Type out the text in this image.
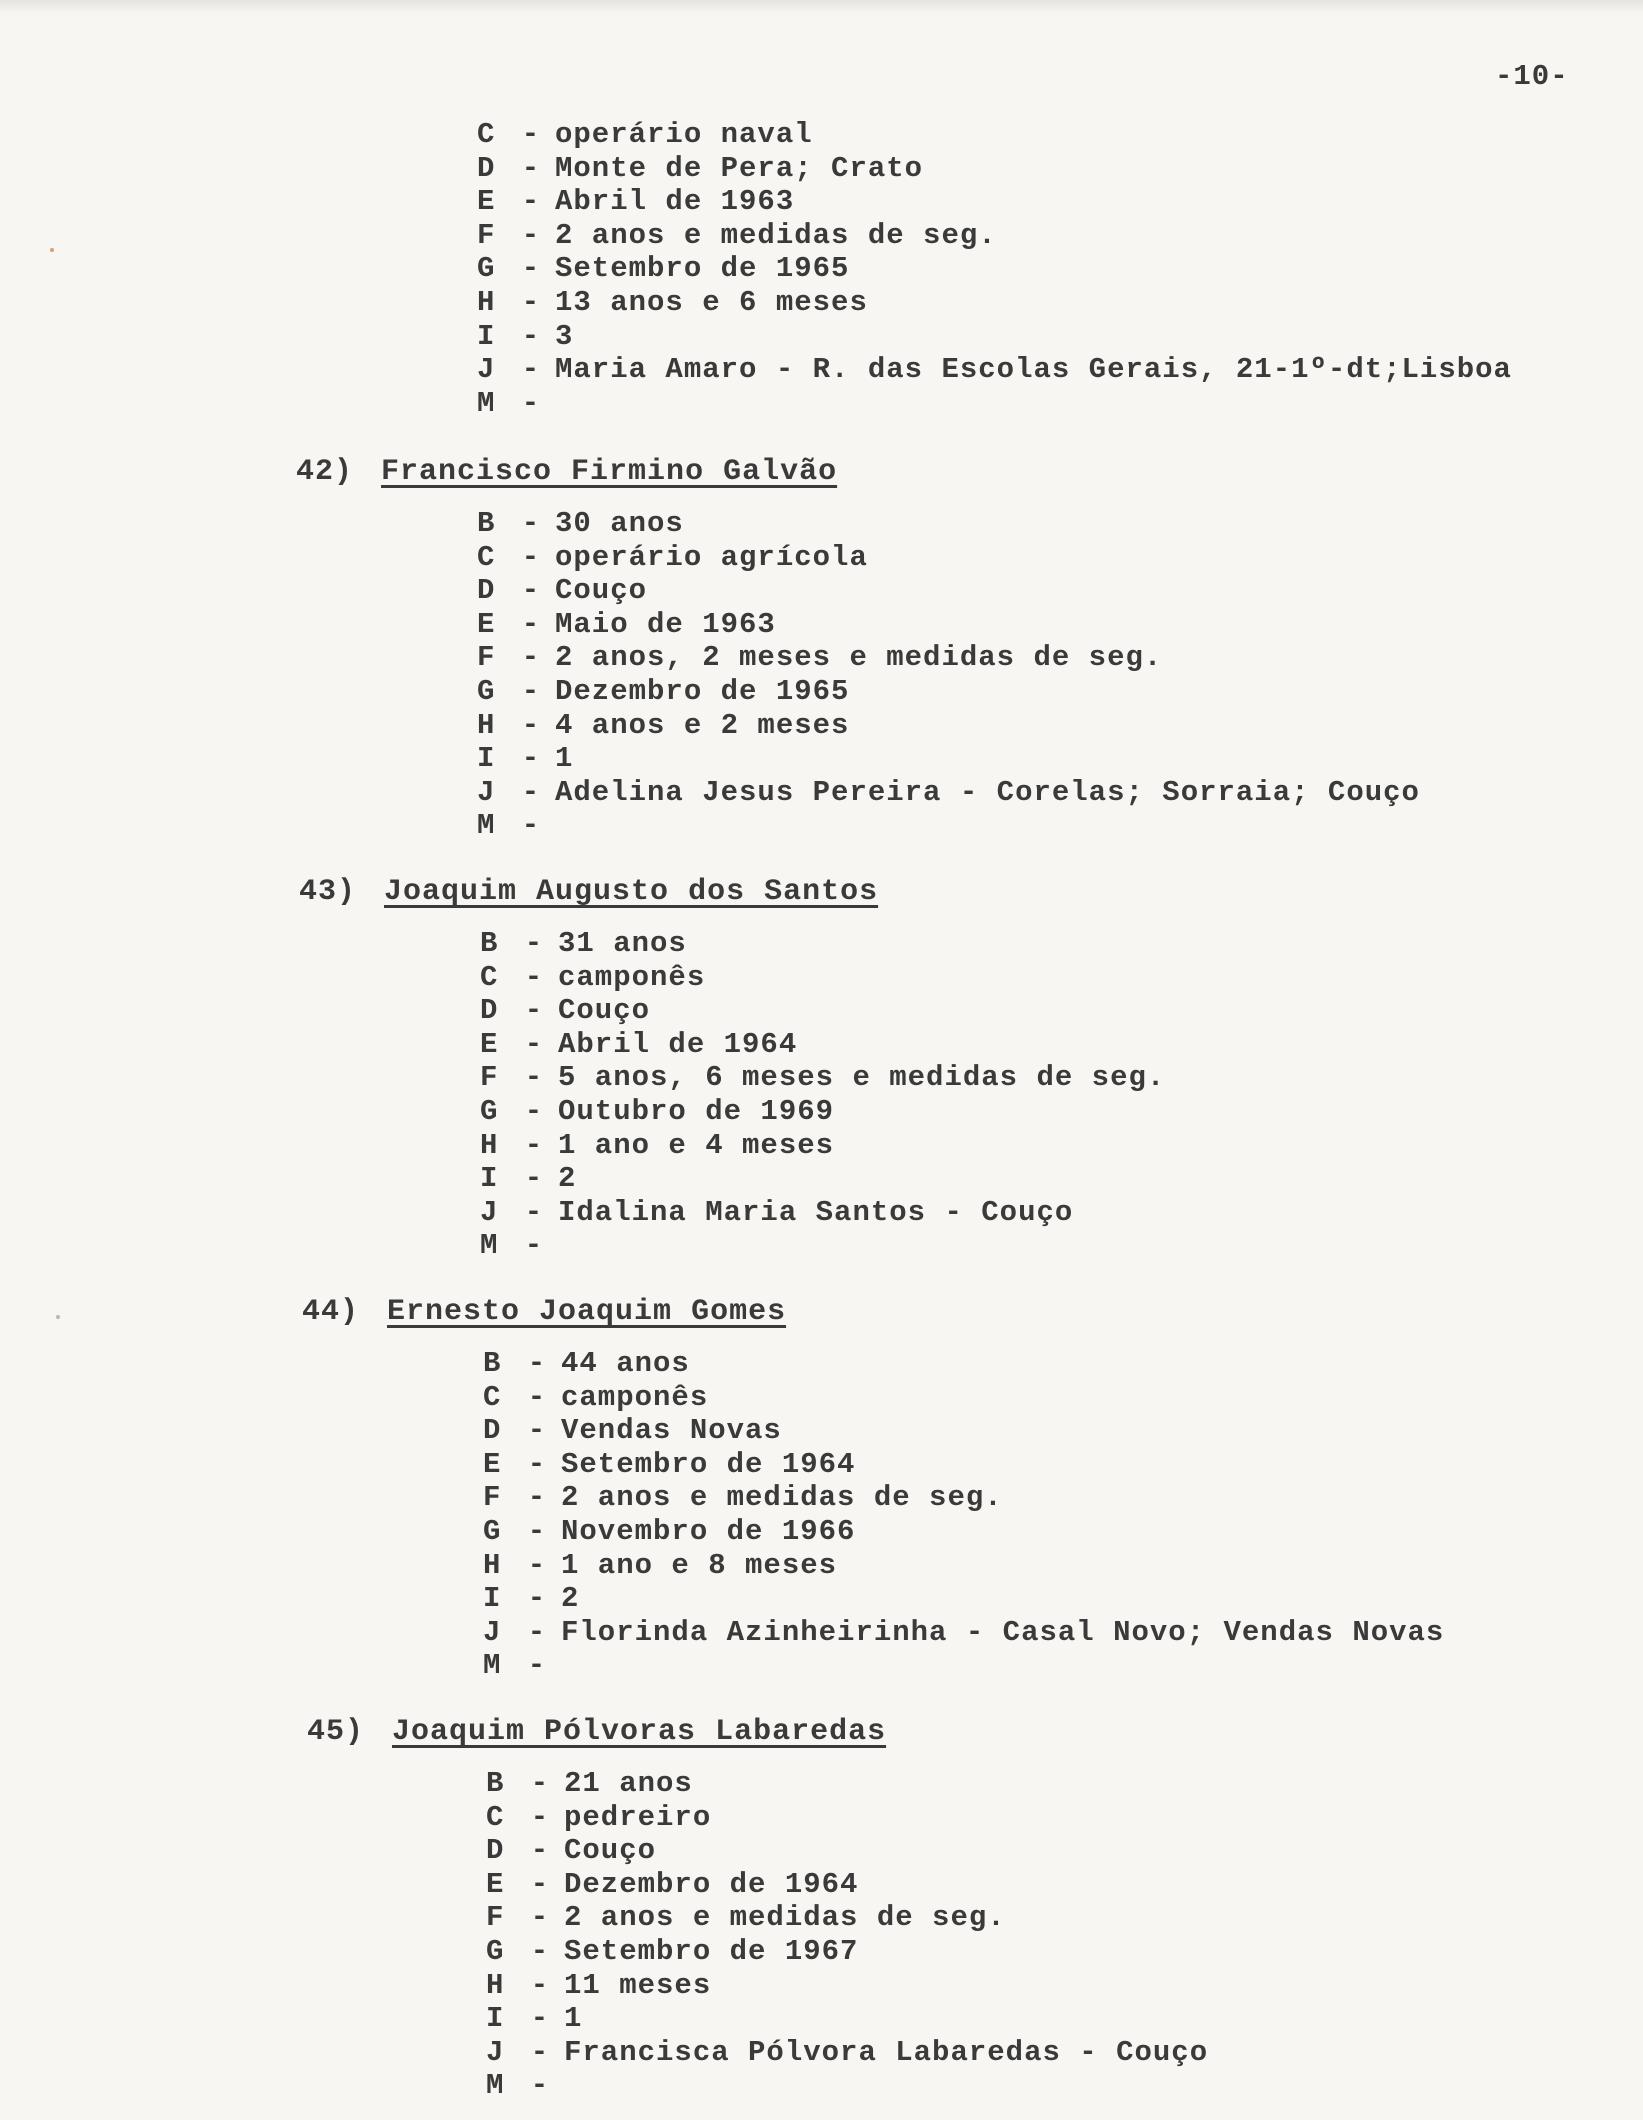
-10-
C - operário naval
D - Monte de Pera; Crato
E - Abril de 1963
F - 2 anos e medidas de seg.
G - Setembro de 1965
H - 13 anos e 6 meses
I - 3
J - Maria Amaro - R. das Escolas Gerais, 21-1º-dt;Lisboa
M -
42) Francisco Firmino Galvão
B - 30 anos
C - operário agrícola
D - Couço
E - Maio de 1963
F - 2 anos, 2 meses e medidas de seg.
G - Dezembro de 1965
H - 4 anos e 2 meses
I - 1
J - Adelina Jesus Pereira - Corelas; Sorraia; Couço
M -
43) Joaquim Augusto dos Santos
B - 31 anos
C - camponês
D - Couço
E - Abril de 1964
F - 5 anos, 6 meses e medidas de seg.
G - Outubro de 1969
H - 1 ano e 4 meses
I - 2
J - Idalina Maria Santos - Couço
M -
44) Ernesto Joaquim Gomes
B - 44 anos
C - camponês
D - Vendas Novas
E - Setembro de 1964
F - 2 anos e medidas de seg.
G - Novembro de 1966
H - 1 ano e 8 meses
I - 2
J - Florinda Azinheirinha - Casal Novo; Vendas Novas
M -
45) Joaquim Pólvoras Labaredas
B - 21 anos
C - pedreiro
D - Couço
E - Dezembro de 1964
F - 2 anos e medidas de seg.
G - Setembro de 1967
H - 11 meses
I - 1
J - Francisca Pólvora Labaredas - Couço
M -
